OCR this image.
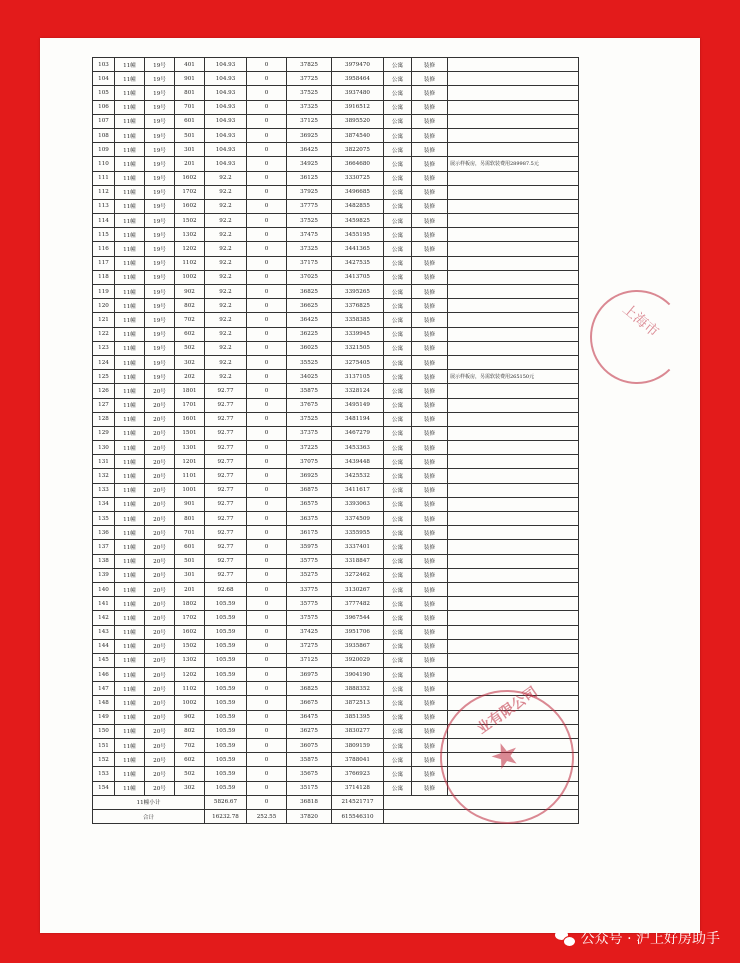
103	11幢	19号	401	104.93	0	37825	3979470	公寓	装修	
104	11幢	19号	901	104.93	0	37725	3958464	公寓	装修	
105	11幢	19号	801	104.93	0	37525	3937480	公寓	装修	
106	11幢	19号	701	104.93	0	37325	3916512	公寓	装修	
107	11幢	19号	601	104.93	0	37125	3895520	公寓	装修	
108	11幢	19号	501	104.93	0	36925	3874540	公寓	装修	
109	11幢	19号	301	104.93	0	36425	3822075	公寓	装修	
110	11幢	19号	201	104.93	0	34925	3664680	公寓	装修	展示样板房，另需软装费用289987.5元
111	11幢	19号	1602	92.2	0	36125	3330725	公寓	装修	
112	11幢	19号	1702	92.2	0	37925	3496685	公寓	装修	
113	11幢	19号	1602	92.2	0	37775	3482855	公寓	装修	
114	11幢	19号	1502	92.2	0	37525	3459825	公寓	装修	
115	11幢	19号	1302	92.2	0	37475	3455195	公寓	装修	
116	11幢	19号	1202	92.2	0	37325	3441365	公寓	装修	
117	11幢	19号	1102	92.2	0	37175	3427535	公寓	装修	
118	11幢	19号	1002	92.2	0	37025	3413705	公寓	装修	
119	11幢	19号	902	92.2	0	36825	3395265	公寓	装修	
120	11幢	19号	802	92.2	0	36625	3376825	公寓	装修	
121	11幢	19号	702	92.2	0	36425	3358385	公寓	装修	
122	11幢	19号	602	92.2	0	36225	3339945	公寓	装修	
123	11幢	19号	502	92.2	0	36025	3321505	公寓	装修	
124	11幢	19号	302	92.2	0	35525	3275405	公寓	装修	
125	11幢	19号	202	92.2	0	34025	3137105	公寓	装修	展示样板房，另需软装费用265150元
126	11幢	20号	1801	92.77	0	35875	3328124	公寓	装修	
127	11幢	20号	1701	92.77	0	37675	3495149	公寓	装修	
128	11幢	20号	1601	92.77	0	37525	3481194	公寓	装修	
129	11幢	20号	1501	92.77	0	37375	3467279	公寓	装修	
130	11幢	20号	1301	92.77	0	37225	3453363	公寓	装修	
131	11幢	20号	1201	92.77	0	37075	3439448	公寓	装修	
132	11幢	20号	1101	92.77	0	36925	3425532	公寓	装修	
133	11幢	20号	1001	92.77	0	36875	3411617	公寓	装修	
134	11幢	20号	901	92.77	0	36575	3393063	公寓	装修	
135	11幢	20号	801	92.77	0	36375	3374509	公寓	装修	
136	11幢	20号	701	92.77	0	36175	3355955	公寓	装修	
137	11幢	20号	601	92.77	0	35975	3337401	公寓	装修	
138	11幢	20号	501	92.77	0	35775	3318847	公寓	装修	
139	11幢	20号	301	92.77	0	35275	3272462	公寓	装修	
140	11幢	20号	201	92.68	0	33775	3130267	公寓	装修	
141	11幢	20号	1802	105.59	0	35775	3777482	公寓	装修	
142	11幢	20号	1702	105.59	0	37575	3967544	公寓	装修	
143	11幢	20号	1602	105.59	0	37425	3951706	公寓	装修	
144	11幢	20号	1502	105.59	0	37275	3935867	公寓	装修	
145	11幢	20号	1302	105.59	0	37125	3920029	公寓	装修	
146	11幢	20号	1202	105.59	0	36975	3904190	公寓	装修	
147	11幢	20号	1102	105.59	0	36825	3888352	公寓	装修	
148	11幢	20号	1002	105.59	0	36675	3872513	公寓	装修	
149	11幢	20号	902	105.59	0	36475	3851395	公寓	装修	
150	11幢	20号	802	105.59	0	36275	3830277	公寓	装修	
151	11幢	20号	702	105.59	0	36075	3809159	公寓	装修	
152	11幢	20号	602	105.59	0	35875	3788041	公寓	装修	
153	11幢	20号	502	105.59	0	35675	3766923	公寓	装修	
154	11幢	20号	302	105.59	0	35175	3714128	公寓	装修	
11幢小计				5826.67	0	36818	214521717			
合计				16232.78	252.55	37820	615546310			
上海市
业有限公司
★
公众号 · 沪上好房助手
